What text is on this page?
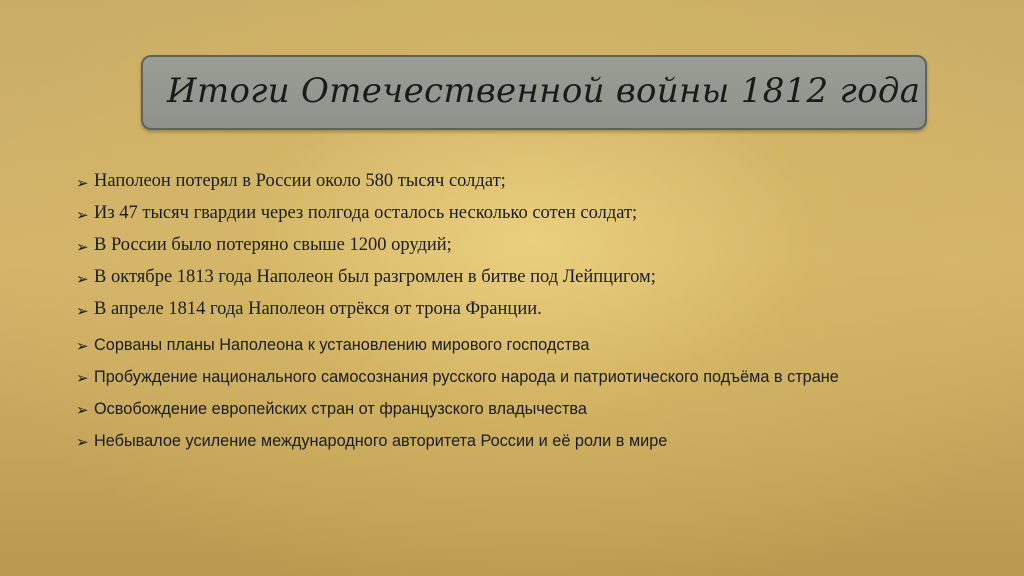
Итоги Отечественной войны 1812 года
➢ Наполеон потерял в России около 580 тысяч солдат;
➢ Из 47 тысяч гвардии через полгода осталось несколько сотен солдат;
➢ В России было потеряно свыше 1200 орудий;
➢ В октябре 1813 года Наполеон был разгромлен в битве под Лейпцигом;
➢ В апреле 1814 года Наполеон отрёкся от трона Франции.
➢ Сорваны планы Наполеона к установлению мирового господства
➢ Пробуждение национального самосознания русского народа и патриотического подъёма в стране
➢ Освобождение европейских стран от французского владычества
➢ Небывалое усиление международного авторитета России и её роли в мире
